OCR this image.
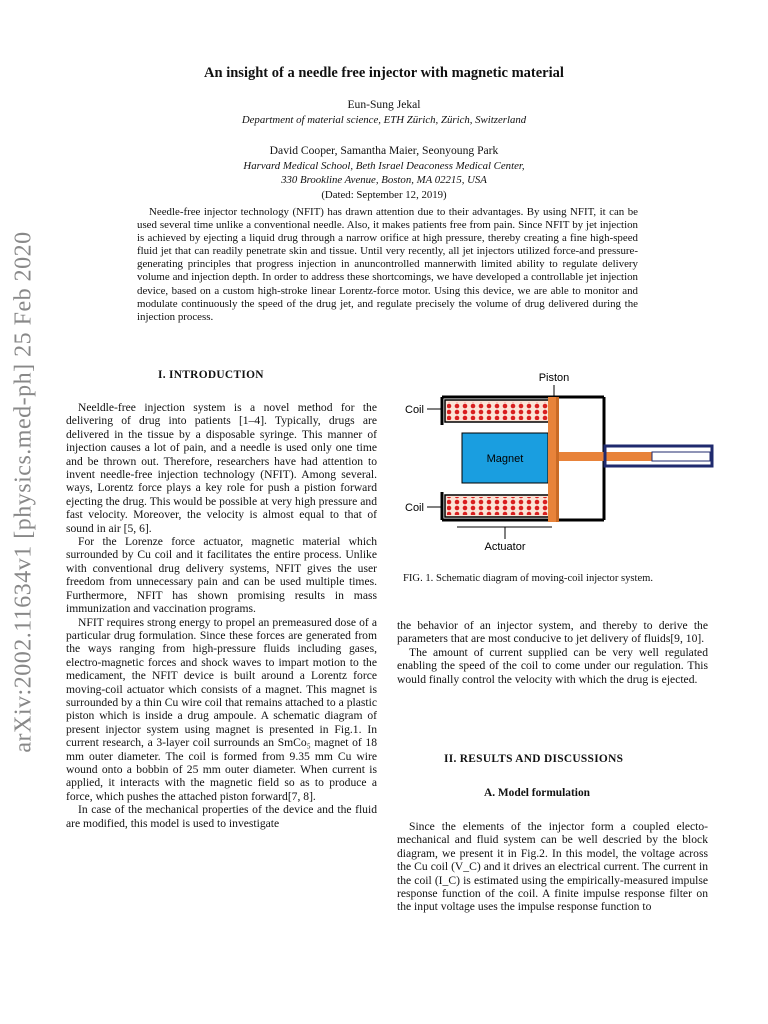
arXiv:2002.11634v1 [physics.med-ph] 25 Feb 2020
An insight of a needle free injector with magnetic material
Eun-Sung Jekal
Department of material science, ETH Zürich, Zürich, Switzerland
David Cooper, Samantha Maier, Seonyoung Park
Harvard Medical School, Beth Israel Deaconess Medical Center,
330 Brookline Avenue, Boston, MA 02215, USA
(Dated: September 12, 2019)

Needle-free injector technology (NFIT) has drawn attention due to their advantages. By using NFIT, it can be used several time unlike a conventional needle. Also, it makes patients free from pain. Since NFIT by jet injection is achieved by ejecting a liquid drug through a narrow orifice at high pressure, thereby creating a fine high-speed fluid jet that can readily penetrate skin and tissue. Until very recently, all jet injectors utilized force-and pressure-generating principles that progress injection in anuncontrolled mannerwith limited ability to regulate delivery volume and injection depth. In order to address these shortcomings, we have developed a controllable jet injection device, based on a custom high-stroke linear Lorentz-force motor. Using this device, we are able to monitor and modulate continuously the speed of the drug jet, and regulate precisely the volume of drug delivered during the injection process.

I. INTRODUCTION

Neeldle-free injection system is a novel method for the delivering of drug into patients [1–4]. Typically, drugs are delivered in the tissue by a disposable syringe. This manner of injection causes a lot of pain, and a needle is used only one time and be thrown out. Therefore, researchers have had attention to invent needle-free injection technology (NFIT). Among several. ways, Lorentz force plays a key role for push a pistion forward ejecting the drug. This would be possible at very high pressure and fast velocity. Moreover, the velocity is almost equal to that of sound in air [5, 6].

For the Lorenze force actuator, magnetic material which surrounded by Cu coil and it facilitates the entire process. Unlike with conventional drug delivery systems, NFIT gives the user freedom from unnecessary pain and can be used multiple times. Furthermore, NFIT has shown promising results in mass immunization and vaccination programs.

NFIT requires strong energy to propel an premeasured dose of a particular drug formulation. Since these forces are generated from the ways ranging from high-pressure fluids including gases, electro-magnetic forces and shock waves to impart motion to the medicament, the NFIT device is built around a Lorentz force moving-coil actuator which consists of a magnet. This magnet is surrounded by a thin Cu wire coil that remains attached to a plastic piston which is inside a drug ampoule. A schematic diagram of present injector system using magnet is presented in Fig.1. In current research, a 3-layer coil surrounds an SmCo₅ magnet of 18 mm outer diameter. The coil is formed from 9.35 mm Cu wire wound onto a bobbin of 25 mm outer diameter. When current is applied, it interacts with the magnetic field so as to produce a force, which pushes the attached piston forward[7, 8].

In case of the mechanical properties of the device and the fluid are modified, this model is used to investigate

Magnet
Piston
Coil
Coil
Actuator
FIG. 1. Schematic diagram of moving-coil injector system.

the behavior of an injector system, and thereby to derive the parameters that are most conducive to jet delivery of fluids[9, 10].

The amount of current supplied can be very well regulated enabling the speed of the coil to come under our regulation. This would finally control the velocity with which the drug is ejected.

II. RESULTS AND DISCUSSIONS
A. Model formulation

Since the elements of the injector form a coupled electo-mechanical and fluid system can be well descried by the block diagram, we present it in Fig.2. In this model, the voltage across the Cu coil (V_C) and it drives an electrical current. The current in the coil (I_C) is estimated using the empirically-measured impulse response function of the coil. A finite impulse response filter on the input voltage uses the impulse response function to
